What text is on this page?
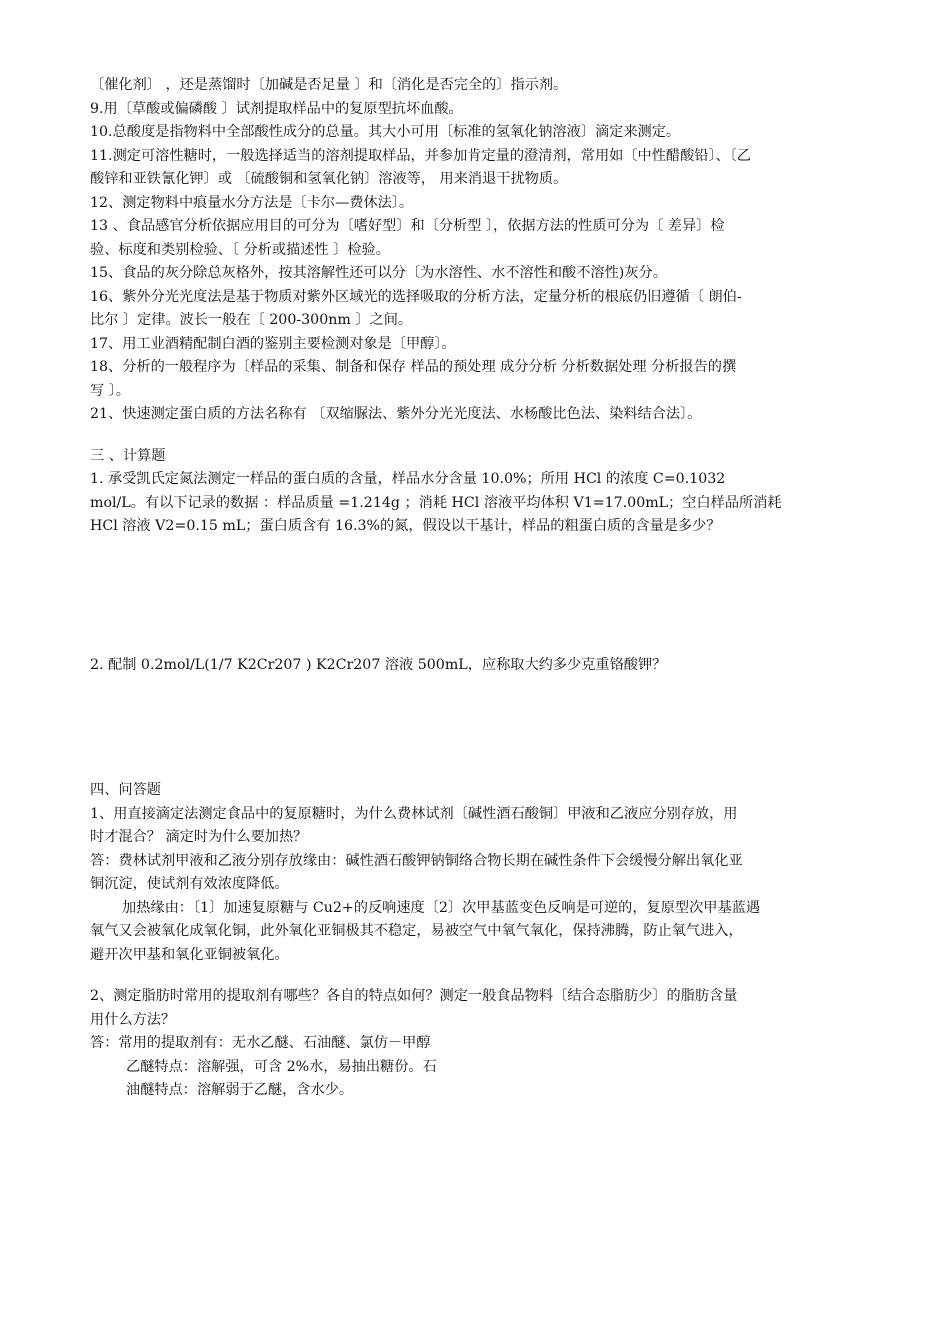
〔催化剂〕 ，还是蒸馏时〔加碱是否足量 〕和〔消化是否完全的〕指示剂。
9.用〔草酸或偏磷酸 〕试剂提取样品中的复原型抗坏血酸。
10.总酸度是指物料中全部酸性成分的总量。其大小可用〔标准的氢氧化钠溶液〕滴定来测定。
11.测定可溶性糖时，一般选择适当的溶剂提取样品，并参加肯定量的澄清剂，常用如〔中性醋酸铅〕、〔乙
酸锌和亚铁氰化钾〕或 〔硫酸铜和氢氧化钠〕溶液等， 用来消退干扰物质。
12、测定物料中痕量水分方法是〔卡尔—费休法〕。
13 、食品感官分析依据应用目的可分为〔嗜好型〕和〔分析型 〕，依据方法的性质可分为〔 差异〕检
验、标度和类别检验、〔 分析或描述性 〕检验。
15、食品的灰分除总灰格外，按其溶解性还可以分〔为水溶性、水不溶性和酸不溶性)灰分。
16、紫外分光光度法是基于物质对紫外区域光的选择吸取的分析方法，定量分析的根底仍旧遵循〔 朗伯-
比尔 〕定律。波长一般在〔 200-300nm 〕之间。
17、用工业酒精配制白酒的鉴别主要检测对象是〔甲醇〕。
18、分析的一般程序为〔样品的采集、制备和保存 样品的预处理 成分分析 分析数据处理 分析报告的撰
写 〕。
21、快速测定蛋白质的方法名称有 〔双缩脲法、紫外分光光度法、水杨酸比色法、染料结合法〕。
三 、计算题
1. 承受凯氏定氮法测定一样品的蛋白质的含量，样品水分含量 10.0%；所用 HCl 的浓度 C=0.1032
mol/L。有以下记录的数据 ：样品质量 =1.214g ；消耗 HCl 溶液平均体积 V1=17.00mL；空白样品所消耗
HCl 溶液 V2=0.15 mL；蛋白质含有 16.3%的氮，假设以干基计，样品的粗蛋白质的含量是多少？
2. 配制 0.2mol/L(1/7 K2Cr207 ) K2Cr207 溶液 500mL，应称取大约多少克重铬酸钾？
四、问答题
1、用直接滴定法测定食品中的复原糖时，为什么费林试剂〔碱性酒石酸铜〕甲液和乙液应分别存放，用
时才混合？ 滴定时为什么要加热？
答：费林试剂甲液和乙液分别存放缘由：碱性酒石酸钾钠铜络合物长期在碱性条件下会缓慢分解出氧化亚
铜沉淀，使试剂有效浓度降低。
加热缘由：〔1〕加速复原糖与 Cu2+的反响速度〔2〕次甲基蓝变色反响是可逆的，复原型次甲基蓝遇
氧气又会被氧化成氧化铜，此外氧化亚铜极其不稳定，易被空气中氧气氧化，保持沸腾，防止氧气进入，
避开次甲基和氧化亚铜被氧化。
2、测定脂肪时常用的提取剂有哪些？各自的特点如何？测定一般食品物料〔结合态脂肪少〕的脂肪含量
用什么方法？
答：常用的提取剂有：无水乙醚、石油醚、氯仿－甲醇
乙醚特点：溶解强，可含 2%水，易抽出糖份。石
油醚特点：溶解弱于乙醚，含水少。
